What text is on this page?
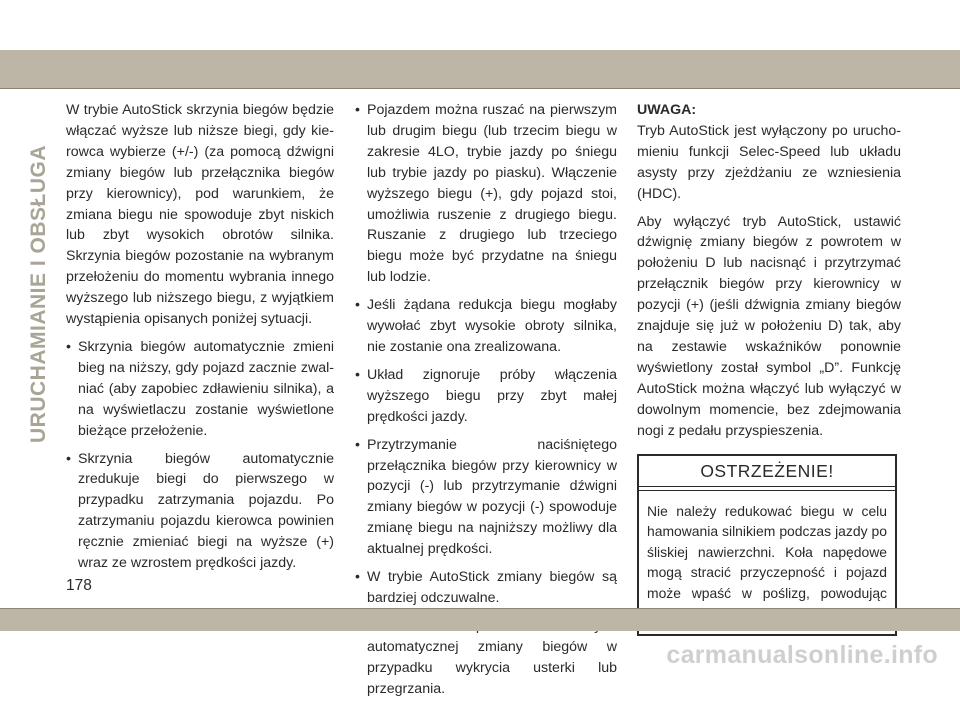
URUCHAMIANIE I OBSŁUGA

W trybie AutoStick skrzynia biegów będzie włączać wyższe lub niższe biegi, gdy kierowca wybierze (+/-) (za pomocą dźwigni zmiany biegów lub przełącznika biegów przy kierownicy), pod warunkiem, że zmiana biegu nie spowoduje zbyt niskich lub zbyt wysokich obrotów silnika. Skrzynia biegów pozostanie na wybranym przełożeniu do momentu wybrania innego wyższego lub niższego biegu, z wyjątkiem wystąpienia opisanych poniżej sytuacji.

• Skrzynia biegów automatycznie zmieni bieg na niższy, gdy pojazd zacznie zwalniać (aby zapobiec zdławieniu silnika), a na wyświetlaczu zostanie wyświetlone bieżące przełożenie.
• Skrzynia biegów automatycznie zredukuje biegi do pierwszego w przypadku zatrzymania pojazdu. Po zatrzymaniu pojazdu kierowca powinien ręcznie zmieniać biegi na wyższe (+) wraz ze wzrostem prędkości jazdy.
• Pojazdem można ruszać na pierwszym lub drugim biegu (lub trzecim biegu w zakresie 4LO, trybie jazdy po śniegu lub trybie jazdy po piasku). Włączenie wyższego biegu (+), gdy pojazd stoi, umożliwia ruszenie z drugiego biegu. Ruszanie z drugiego lub trzeciego biegu może być przydatne na śniegu lub lodzie.
• Jeśli żądana redukcja biegu mogłaby wywołać zbyt wysokie obroty silnika, nie zostanie ona zrealizowana.
• Układ zignoruje próby włączenia wyższego biegu przy zbyt małej prędkości jazdy.
• Przytrzymanie naciśniętego przełącznika biegów przy kierownicy w pozycji (-) lub przytrzymanie dźwigni zmiany biegów w pozycji (-) spowoduje zmianę biegu na najniższy możliwy dla aktualnej prędkości.
• W trybie AutoStick zmiany biegów są bardziej odczuwalne.
• automatycznej zmiany biegów w przypadku wykrycia usterki lub przegrzania.
UWAGA:

Tryb AutoStick jest wyłączony po uruchomieniu funkcji Selec-Speed lub układu asysty przy zjeżdżaniu ze wzniesienia (HDC).

Aby wyłączyć tryb AutoStick, ustawić dźwignię zmiany biegów z powrotem w położeniu D lub nacisnąć i przytrzymać przełącznik biegów przy kierownicy w pozycji (+) (jeśli dźwignia zmiany biegów znajduje się już w położeniu D) tak, aby na zestawie wskaźników ponownie wyświetlony został symbol „D”. Funkcję AutoStick można włączyć lub wyłączyć w dowolnym momencie, bez zdejmowania nogi z pedału przyspieszenia.

OSTRZEŻENIE!
Nie należy redukować biegu w celu hamowania silnikiem podczas jazdy po śliskiej nawierzchni. Koła napędowe mogą stracić przyczepność i pojazd może wpaść w poślizg, powodując
178
carmanualsonline.info
